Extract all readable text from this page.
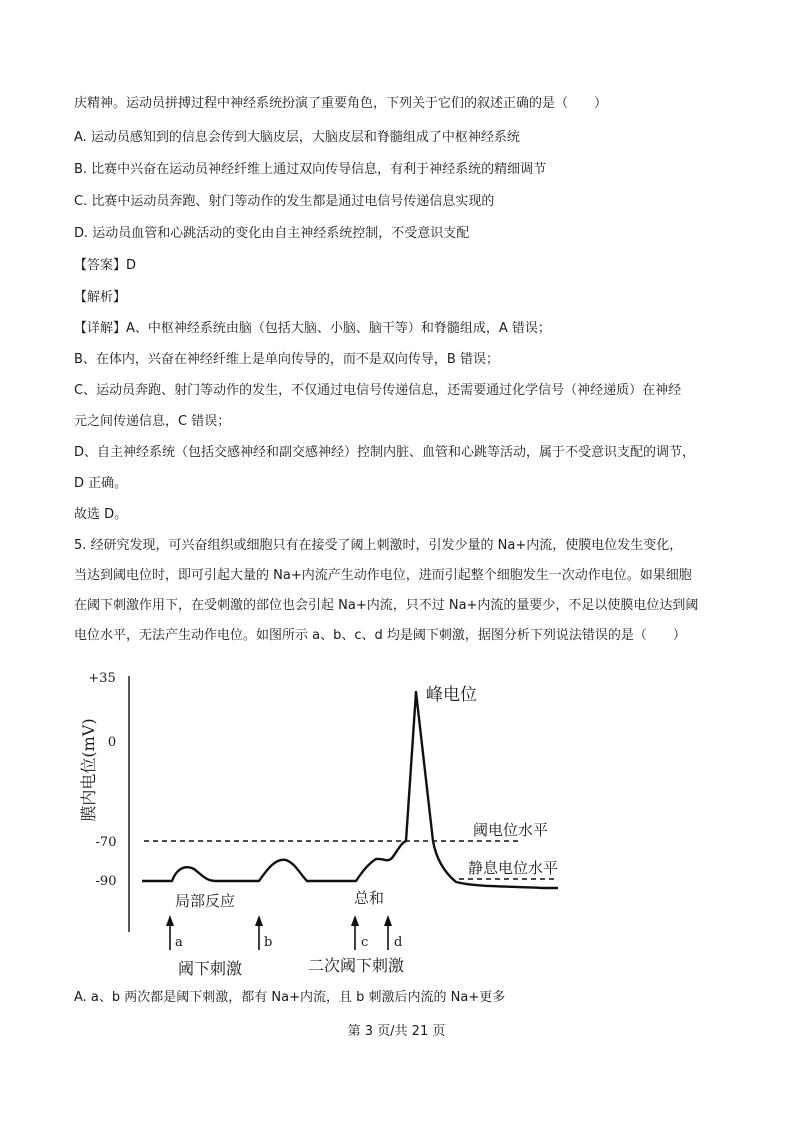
庆精神。运动员拼搏过程中神经系统扮演了重要角色，下列关于它们的叙述正确的是（　　）

A. 运动员感知到的信息会传到大脑皮层，大脑皮层和脊髓组成了中枢神经系统

B. 比赛中兴奋在运动员神经纤维上通过双向传导信息，有利于神经系统的精细调节

C. 比赛中运动员奔跑、射门等动作的发生都是通过电信号传递信息实现的

D. 运动员血管和心跳活动的变化由自主神经系统控制，不受意识支配

【答案】D

【解析】

【详解】A、中枢神经系统由脑（包括大脑、小脑、脑干等）和脊髓组成，A 错误；

B、在体内，兴奋在神经纤维上是单向传导的，而不是双向传导，B 错误；

C、运动员奔跑、射门等动作的发生，不仅通过电信号传递信息，还需要通过化学信号（神经递质）在神经

元之间传递信息，C 错误；

D、自主神经系统（包括交感神经和副交感神经）控制内脏、血管和心跳等活动，属于不受意识支配的调节，

D 正确。

故选 D。

5. 经研究发现，可兴奋组织或细胞只有在接受了阈上刺激时，引发少量的 Na+内流，使膜电位发生变化，

当达到阈电位时，即可引起大量的 Na+内流产生动作电位，进而引起整个细胞发生一次动作电位。如果细胞

在阈下刺激作用下，在受刺激的部位也会引起 Na+内流，只不过 Na+内流的量要少，不足以使膜电位达到阈

电位水平，无法产生动作电位。如图所示 a、b、c、d 均是阈下刺激，据图分析下列说法错误的是（　　）

+35
0
-70
-90
膜内电位(mV)
峰电位
阈电位水平
静息电位水平
局部反应	总和
a	b	c d
阈下刺激	二次阈下刺激

A. a、b 两次都是阈下刺激，都有 Na+内流，且 b 刺激后内流的 Na+更多

第 3 页/共 21 页
